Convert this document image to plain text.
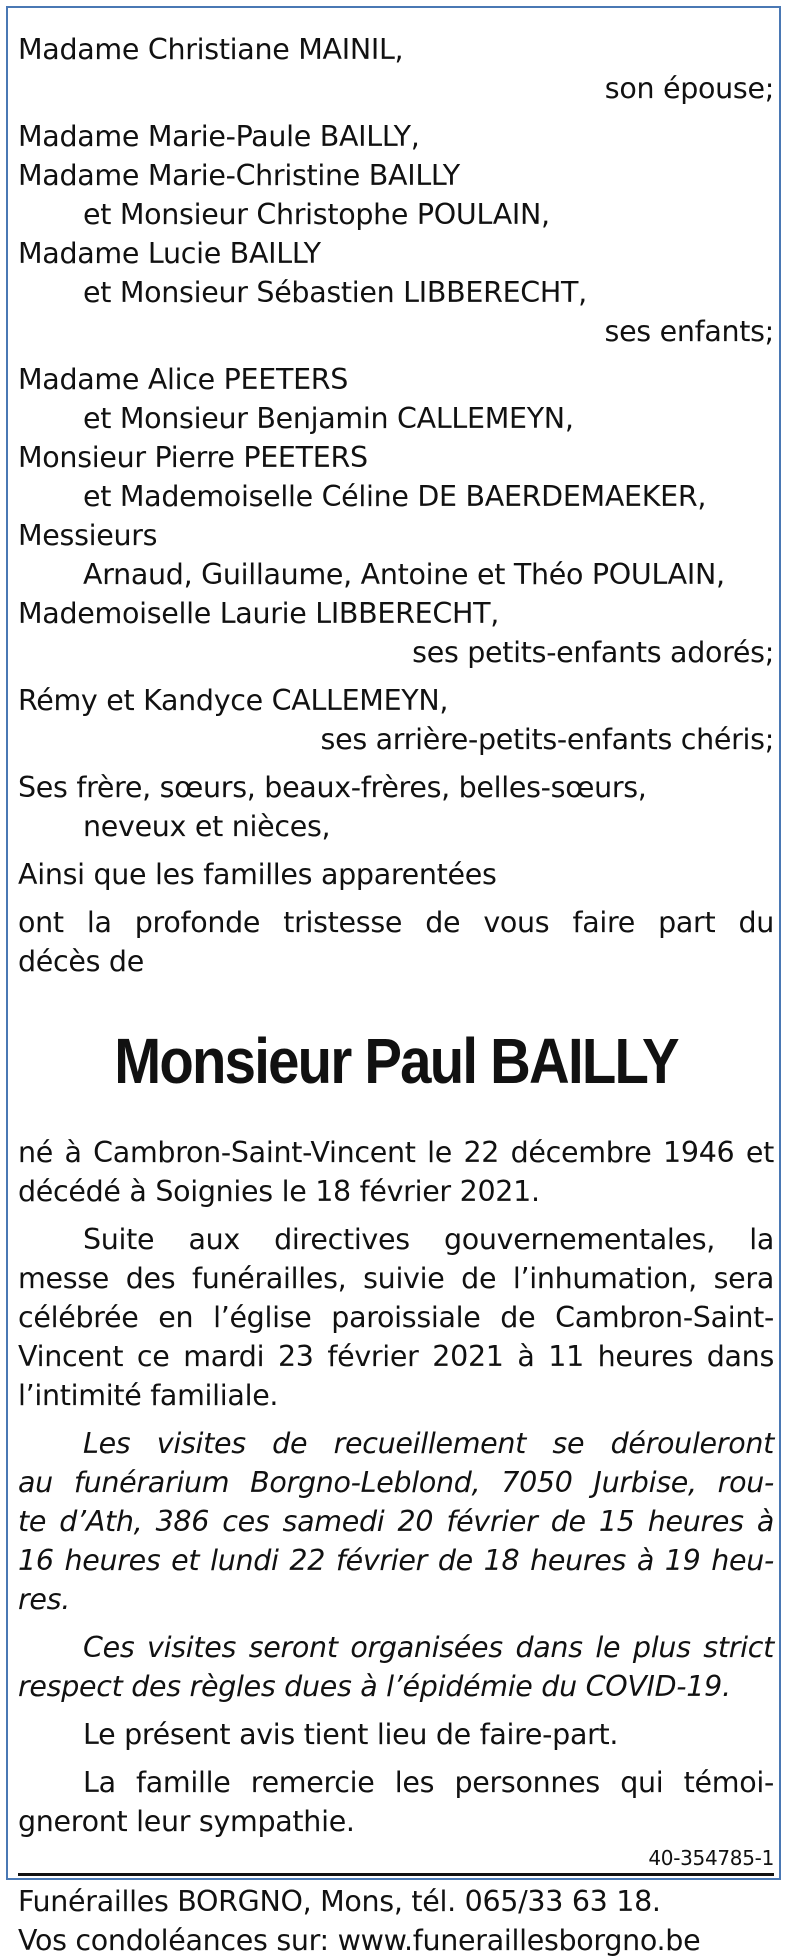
Madame Christiane MAINIL,
son épouse;
Madame Marie-Paule BAILLY,
Madame Marie-Christine BAILLY
et Monsieur Christophe POULAIN,
Madame Lucie BAILLY
et Monsieur Sébastien LIBBERECHT,
ses enfants;
Madame Alice PEETERS
et Monsieur Benjamin CALLEMEYN,
Monsieur Pierre PEETERS
et Mademoiselle Céline DE BAERDEMAEKER,
Messieurs
Arnaud, Guillaume, Antoine et Théo POULAIN,
Mademoiselle Laurie LIBBERECHT,
ses petits-enfants adorés;
Rémy et Kandyce CALLEMEYN,
ses arrière-petits-enfants chéris;
Ses frère, sœurs, beaux-frères, belles-sœurs,
neveux et nièces,
Ainsi que les familles apparentées
ont la profonde tristesse de vous faire part du
décès de
Monsieur Paul BAILLY
né à Cambron-Saint-Vincent le 22 décembre 1946 et
décédé à Soignies le 18 février 2021.
Suite aux directives gouvernementales, la
messe des funérailles, suivie de l’inhumation, sera
célébrée en l’église paroissiale de Cambron-Saint-
Vincent ce mardi 23 février 2021 à 11 heures dans
l’intimité familiale.
Les visites de recueillement se dérouleront
au funérarium Borgno-Leblond, 7050 Jurbise, rou-
te d’Ath, 386 ces samedi 20 février de 15 heures à
16 heures et lundi 22 février de 18 heures à 19 heu-
res.
Ces visites seront organisées dans le plus strict
respect des règles dues à l’épidémie du COVID-19.
Le présent avis tient lieu de faire-part.
La famille remercie les personnes qui témoi-
gneront leur sympathie.
40-354785-1
Funérailles BORGNO, Mons, tél. 065/33 63 18.
Vos condoléances sur: www.funeraillesborgno.be
